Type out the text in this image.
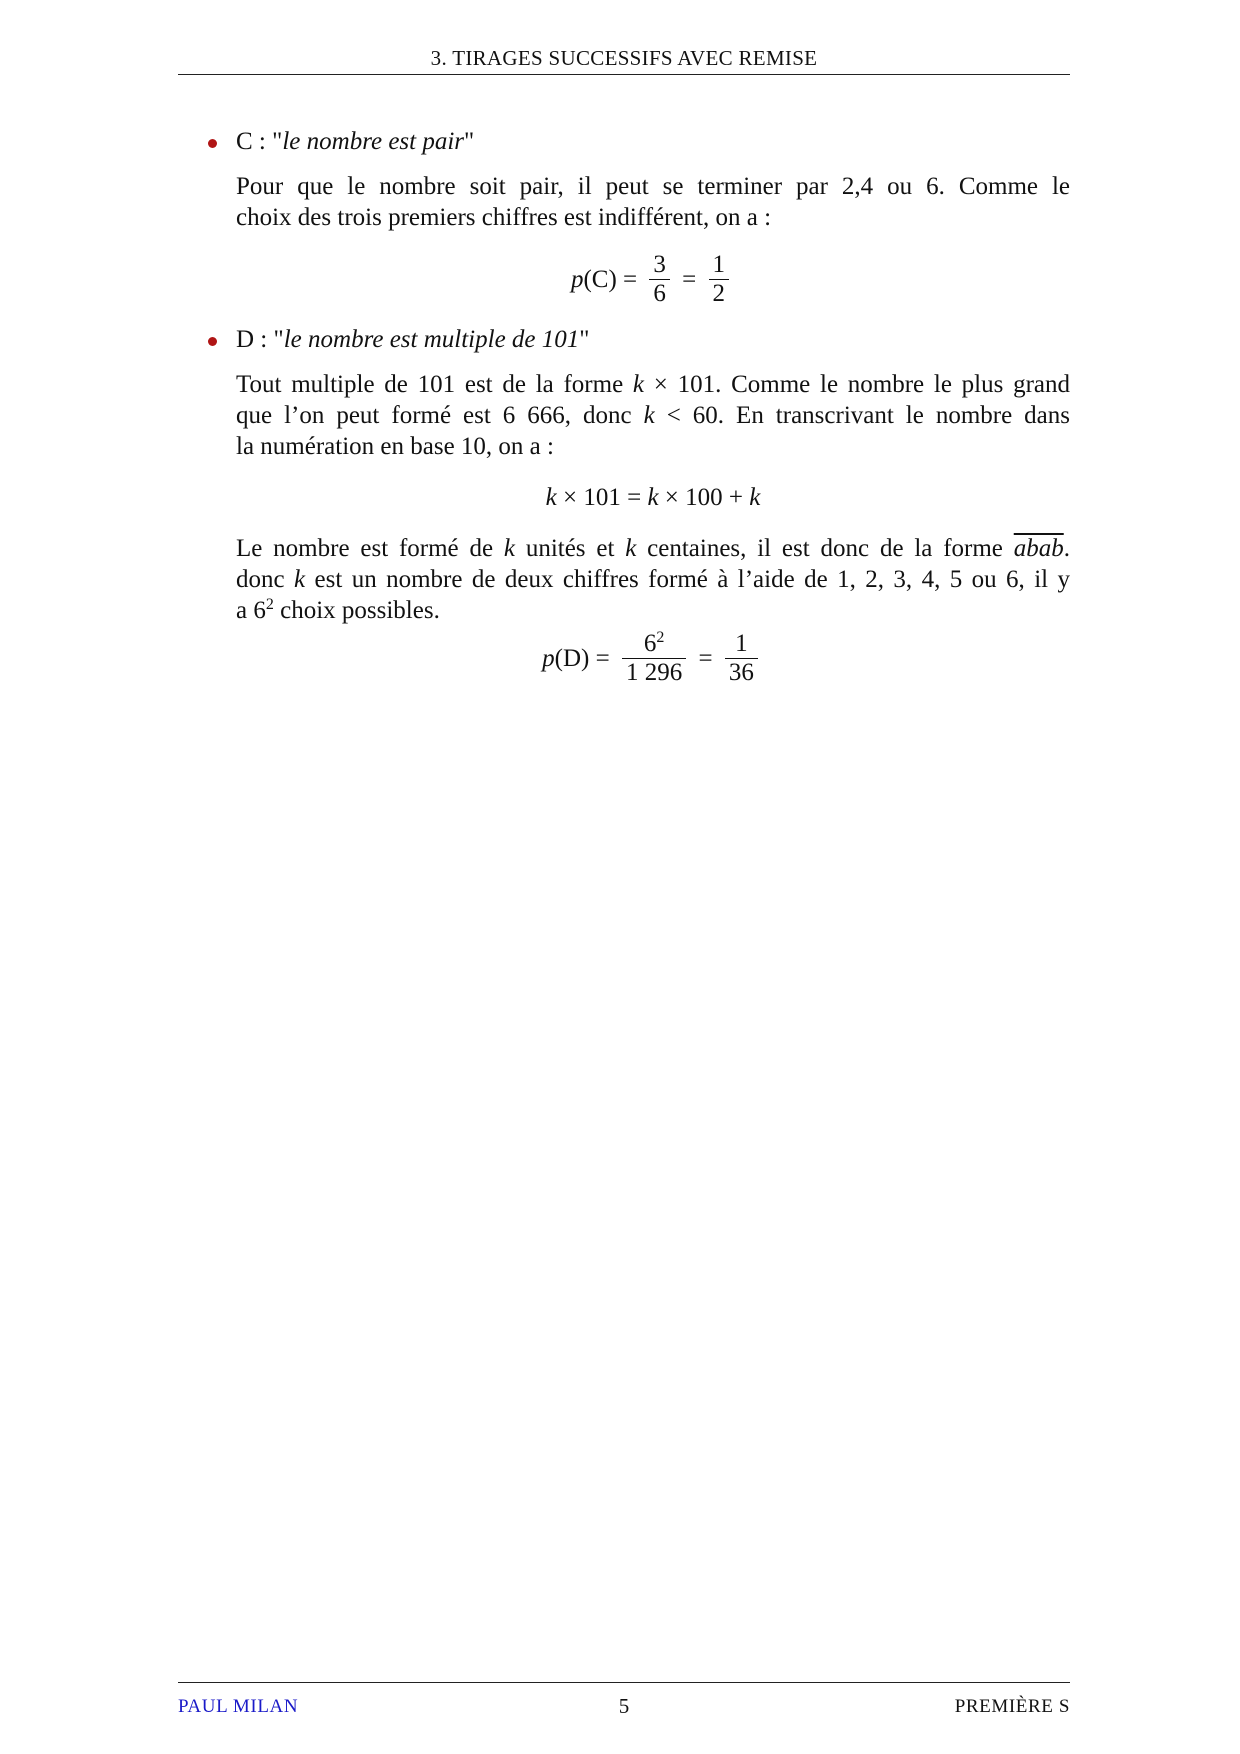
3. TIRAGES SUCCESSIFS AVEC REMISE
C : "le nombre est pair"
Pour que le nombre soit pair, il peut se terminer par 2,4 ou 6. Comme le
choix des trois premiers chiffres est indifférent, on a :
$p(C) = \frac{3}{6} = \frac{1}{2}$
D : "le nombre est multiple de 101"
Tout multiple de 101 est de la forme k × 101. Comme le nombre le plus grand
que l’on peut formé est 6 666, donc k < 60. En transcrivant le nombre dans
la numération en base 10, on a :
k × 101 = k × 100 + k
Le nombre est formé de k unités et k centaines, il est donc de la forme abab.
donc k est un nombre de deux chiffres formé à l’aide de 1, 2, 3, 4, 5 ou 6, il y
a $6^2$ choix possibles.
$p(D) = \frac{6^2}{1 296} = \frac{1}{36}$
PAUL MILAN	5	PREMIÈRE S
